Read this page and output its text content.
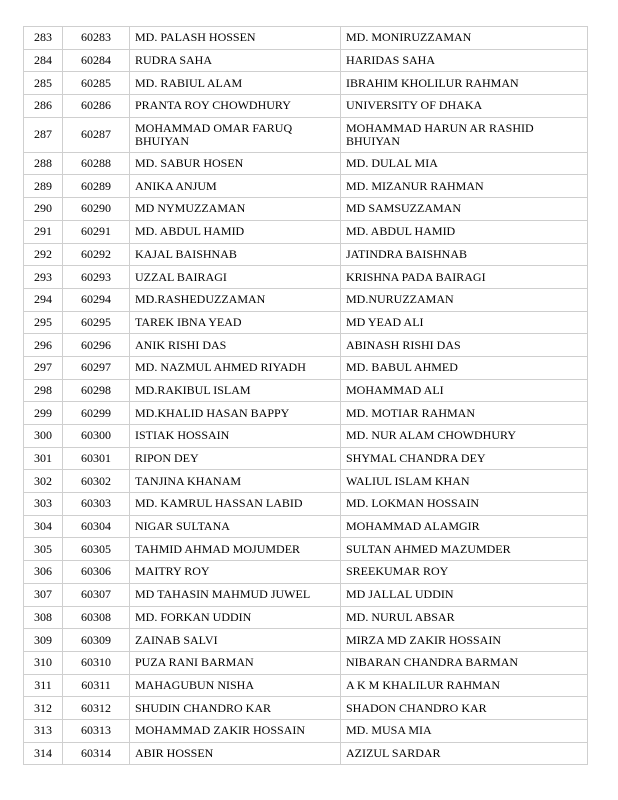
283	60283	MD. PALASH HOSSEN	MD. MONIRUZZAMAN
284	60284	RUDRA SAHA	HARIDAS SAHA
285	60285	MD. RABIUL ALAM	IBRAHIM KHOLILUR RAHMAN
286	60286	PRANTA ROY CHOWDHURY	UNIVERSITY OF DHAKA
287	60287	MOHAMMAD OMAR FARUQ BHUIYAN	MOHAMMAD HARUN AR RASHID BHUIYAN
288	60288	MD. SABUR HOSEN	MD. DULAL MIA
289	60289	ANIKA ANJUM	MD. MIZANUR RAHMAN
290	60290	MD NYMUZZAMAN	MD SAMSUZZAMAN
291	60291	MD. ABDUL HAMID	MD. ABDUL HAMID
292	60292	KAJAL BAISHNAB	JATINDRA BAISHNAB
293	60293	UZZAL BAIRAGI	KRISHNA PADA BAIRAGI
294	60294	MD.RASHEDUZZAMAN	MD.NURUZZAMAN
295	60295	TAREK IBNA YEAD	MD YEAD ALI
296	60296	ANIK RISHI DAS	ABINASH RISHI DAS
297	60297	MD. NAZMUL AHMED RIYADH	MD. BABUL AHMED
298	60298	MD.RAKIBUL ISLAM	MOHAMMAD ALI
299	60299	MD.KHALID HASAN BAPPY	MD. MOTIAR RAHMAN
300	60300	ISTIAK HOSSAIN	MD. NUR ALAM CHOWDHURY
301	60301	RIPON DEY	SHYMAL CHANDRA DEY
302	60302	TANJINA KHANAM	WALIUL ISLAM KHAN
303	60303	MD. KAMRUL HASSAN LABID	MD. LOKMAN HOSSAIN
304	60304	NIGAR SULTANA	MOHAMMAD ALAMGIR
305	60305	TAHMID AHMAD MOJUMDER	SULTAN AHMED MAZUMDER
306	60306	MAITRY ROY	SREEKUMAR ROY
307	60307	MD TAHASIN MAHMUD JUWEL	MD JALLAL UDDIN
308	60308	MD. FORKAN UDDIN	MD. NURUL ABSAR
309	60309	ZAINAB SALVI	MIRZA MD ZAKIR HOSSAIN
310	60310	PUZA RANI BARMAN	NIBARAN CHANDRA BARMAN
311	60311	MAHAGUBUN NISHA	A K M KHALILUR RAHMAN
312	60312	SHUDIN CHANDRO KAR	SHADON CHANDRO KAR
313	60313	MOHAMMAD ZAKIR HOSSAIN	MD. MUSA MIA
314	60314	ABIR HOSSEN	AZIZUL SARDAR
